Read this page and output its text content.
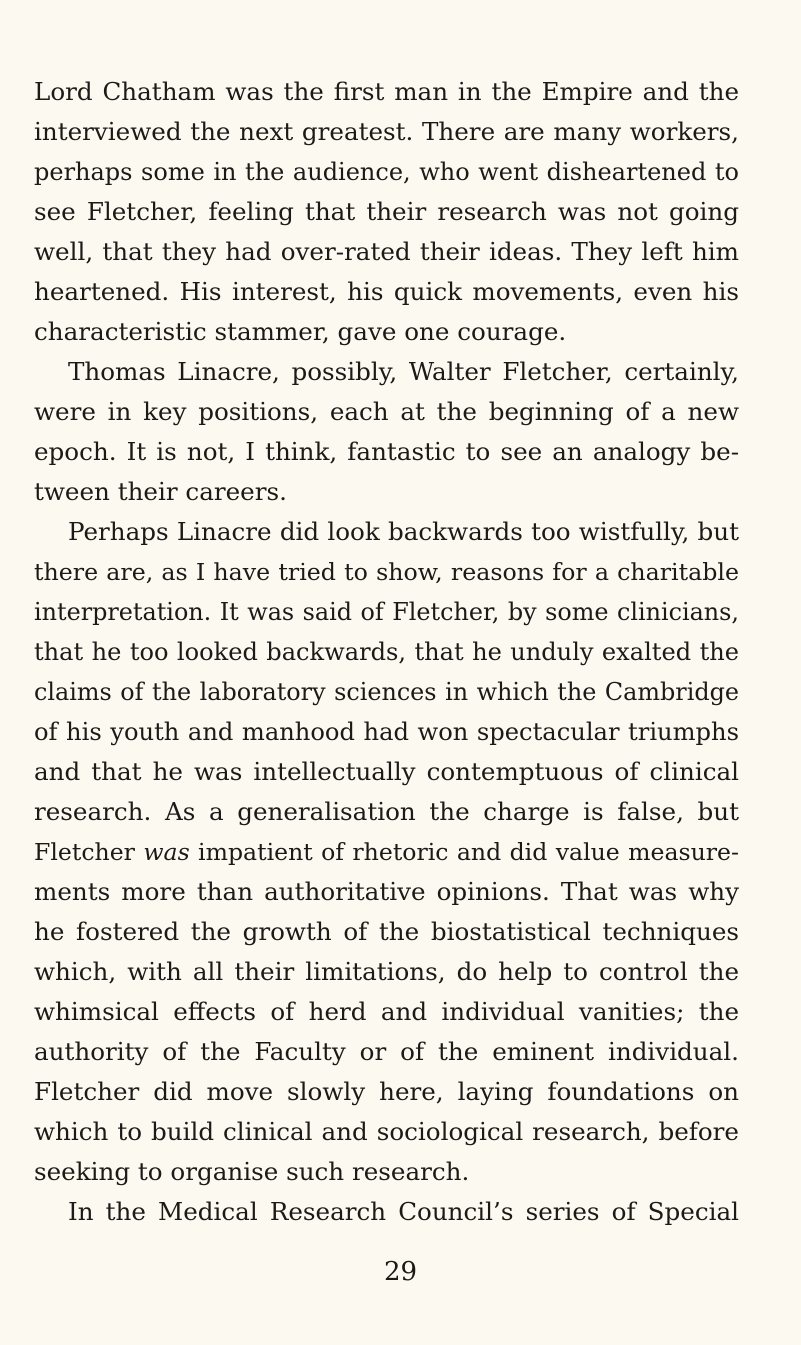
Lord Chatham was the first man in the Empire and the
interviewed the next greatest. There are many workers,
perhaps some in the audience, who went disheartened to
see Fletcher, feeling that their research was not going
well, that they had over-rated their ideas. They left him
heartened. His interest, his quick movements, even his
characteristic stammer, gave one courage.
Thomas Linacre, possibly, Walter Fletcher, certainly,
were in key positions, each at the beginning of a new
epoch. It is not, I think, fantastic to see an analogy be-
tween their careers.
Perhaps Linacre did look backwards too wistfully, but
there are, as I have tried to show, reasons for a charitable
interpretation. It was said of Fletcher, by some clinicians,
that he too looked backwards, that he unduly exalted the
claims of the laboratory sciences in which the Cambridge
of his youth and manhood had won spectacular triumphs
and that he was intellectually contemptuous of clinical
research. As a generalisation the charge is false, but
Fletcher was impatient of rhetoric and did value measure-
ments more than authoritative opinions. That was why
he fostered the growth of the biostatistical techniques
which, with all their limitations, do help to control the
whimsical effects of herd and individual vanities; the
authority of the Faculty or of the eminent individual.
Fletcher did move slowly here, laying foundations on
which to build clinical and sociological research, before
seeking to organise such research.
In the Medical Research Council’s series of Special
29
